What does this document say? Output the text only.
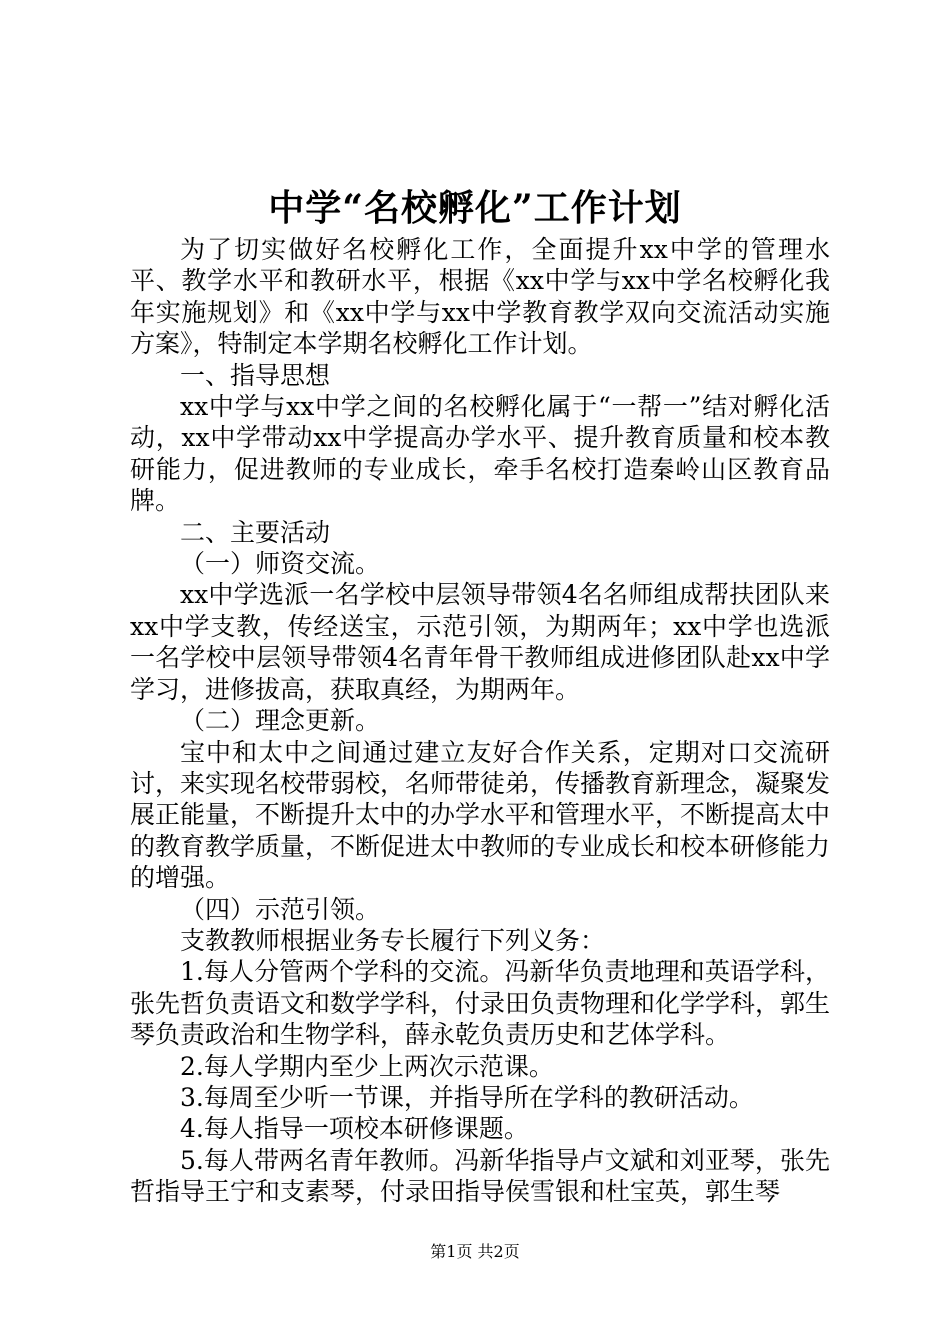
中学“名校孵化”工作计划

为了切实做好名校孵化工作，全面提升xx中学的管理水平、教学水平和教研水平，根据《xx中学与xx中学名校孵化我年实施规划》和《xx中学与xx中学教育教学双向交流活动实施方案》，特制定本学期名校孵化工作计划。

一、指导思想

xx中学与xx中学之间的名校孵化属于“一帮一”结对孵化活动，xx中学带动xx中学提高办学水平、提升教育质量和校本教研能力，促进教师的专业成长，牵手名校打造秦岭山区教育品牌。

二、主要活动

（一）师资交流。

xx中学选派一名学校中层领导带领4名名师组成帮扶团队来xx中学支教，传经送宝，示范引领，为期两年；xx中学也选派一名学校中层领导带领4名青年骨干教师组成进修团队赴xx中学学习，进修拔高，获取真经，为期两年。

（二）理念更新。

宝中和太中之间通过建立友好合作关系，定期对口交流研讨，来实现名校带弱校，名师带徒弟，传播教育新理念，凝聚发展正能量，不断提升太中的办学水平和管理水平，不断提高太中的教育教学质量，不断促进太中教师的专业成长和校本研修能力的增强。

（四）示范引领。

支教教师根据业务专长履行下列义务：

1.每人分管两个学科的交流。冯新华负责地理和英语学科，张先哲负责语文和数学学科，付录田负责物理和化学学科，郭生琴负责政治和生物学科，薛永乾负责历史和艺体学科。

2.每人学期内至少上两次示范课。

3.每周至少听一节课，并指导所在学科的教研活动。

4.每人指导一项校本研修课题。

5.每人带两名青年教师。冯新华指导卢文斌和刘亚琴，张先哲指导王宁和支素琴，付录田指导侯雪银和杜宝英，郭生琴

第1页 共2页
